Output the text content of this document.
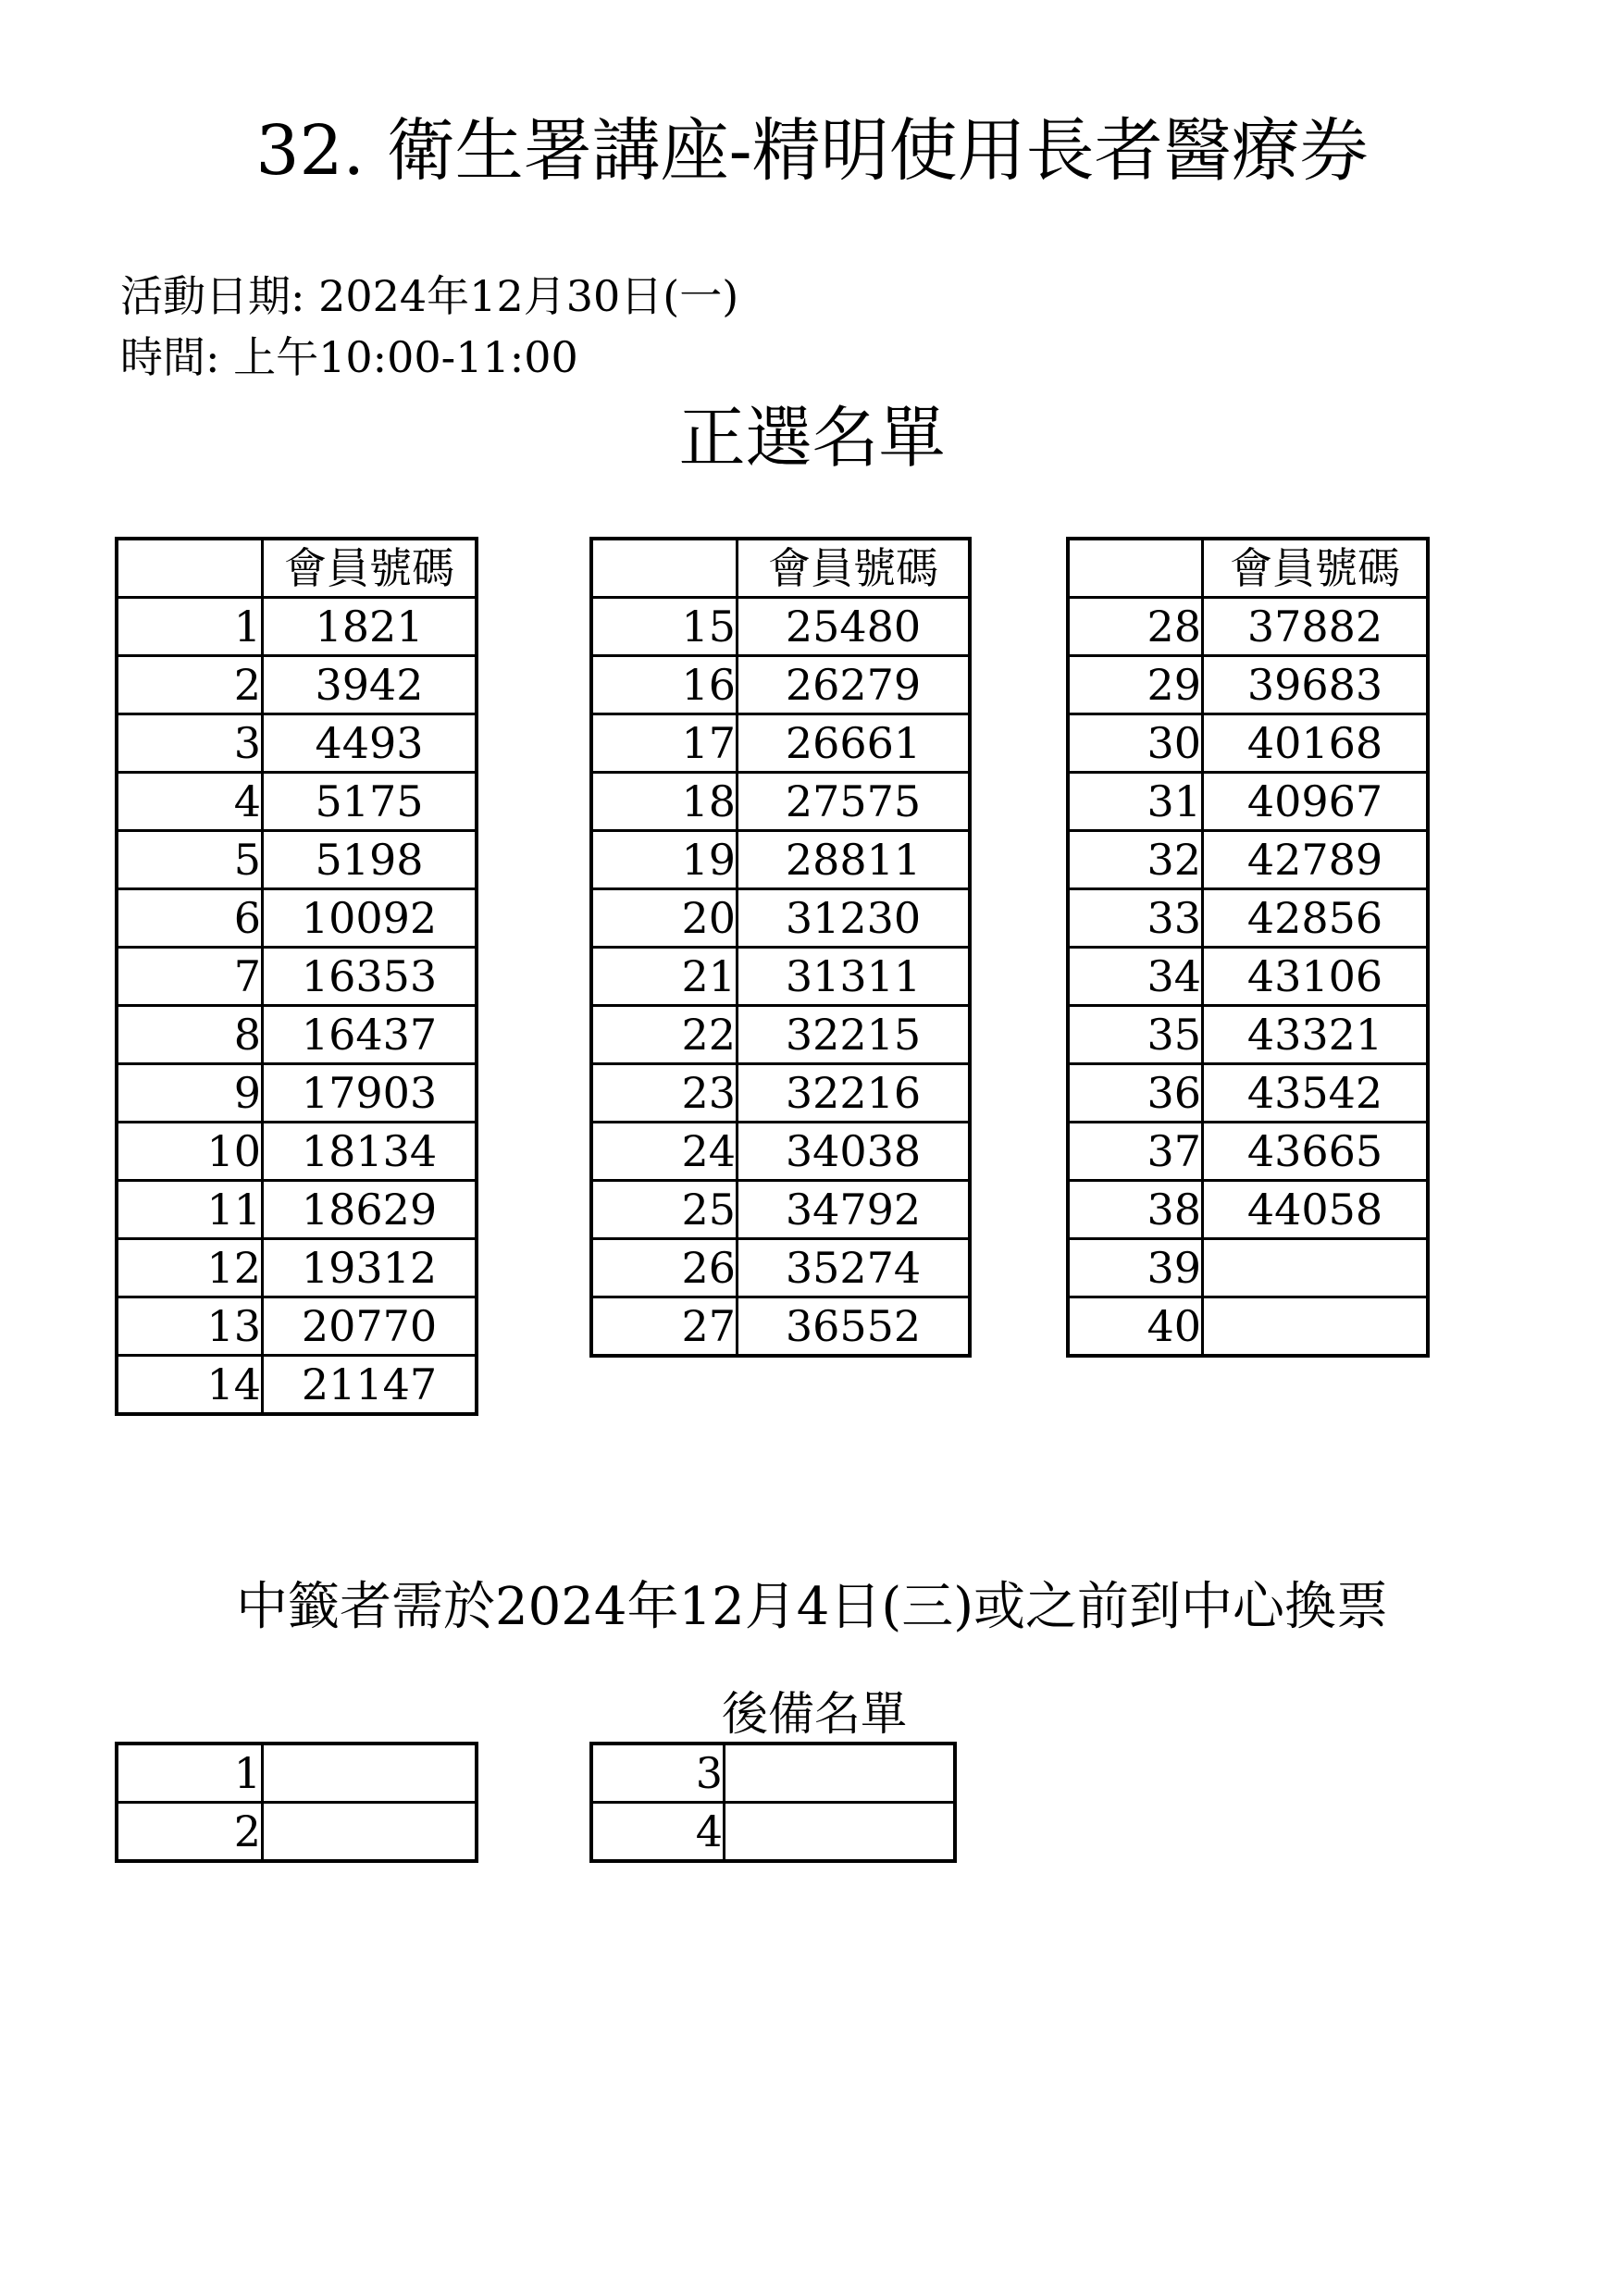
32. 衛生署講座-精明使用長者醫療券
活動日期: 2024年12月30日(一)
時間: 上午10:00-11:00
正選名單
	會員號碼
1	1821
2	3942
3	4493
4	5175
5	5198
6	10092
7	16353
8	16437
9	17903
10	18134
11	18629
12	19312
13	20770
14	21147
	會員號碼
15	25480
16	26279
17	26661
18	27575
19	28811
20	31230
21	31311
22	32215
23	32216
24	34038
25	34792
26	35274
27	36552
	會員號碼
28	37882
29	39683
30	40168
31	40967
32	42789
33	42856
34	43106
35	43321
36	43542
37	43665
38	44058
39	
40	
中籤者需於2024年12月4日(三)或之前到中心換票
後備名單
1	
2	
3	
4	
